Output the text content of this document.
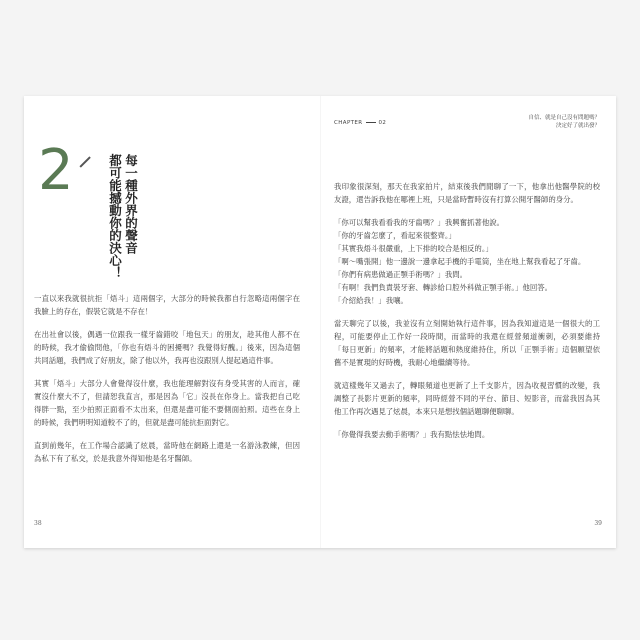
2	每一種外界的聲音
都可能撼動你的決心！

一直以來我就很抗拒「焐斗」這兩個字，大部分的時候我都自行忽略這兩個字在我臉上的存在，假裝它就是不存在！

在出社會以後，偶遇一位跟我一樣牙齒錯咬「地包天」的朋友，趁其他人都不在的時候，我才偷偷問他，「你也有焐斗的困擾嗎？我覺得好醜。」後來，因為這個共同話題，我們成了好朋友，除了他以外，我再也沒跟別人提起過這件事。

其實「焐斗」大部分人會覺得沒什麼，我也能理解對沒有身受其害的人而言，確實沒什麼大不了，但請恕我直言，那是因為「它」沒長在你身上。當我把自己吃得胖一點，至少拍照正面看不太出來，但還是盡可能不要側面拍照。這些在身上的時候，我們明明知道較不了的，但就是盡可能抗拒面對它。

直到前幾年，在工作場合認識了炫晨，當時他在網路上還是一名游泳教練，但因為私下有了私交，於是我意外得知他是名牙醫師。

38
CHAPTER	02
自信、就是自己沒有問題嗎？
決定好了就出發？

我印象很深刻，那天在我家拍片，結束後我們閒聊了一下，他拿出他醫學院的校友證，還告訴我他在哪裡上班，只是當時暫時沒有打算公開牙醫師的身分。

「你可以幫我看看我的牙齒嗎？」我興奮抓著他說。

「你的牙齒怎麼了，看起來很整齊。」

「其實我焐斗很嚴重，上下排的咬合是相反的。」

「啊～嘴張開」他一邊說一邊拿起手機的手電筒，坐在地上幫我看起了牙齒。

「你們有病患做過正顎手術嗎？」我問。

「有啊！我們負責裝牙套、轉診給口腔外科做正顎手術。」他回答。

「介紹給我！」我嚷。

當天聊完了以後，我並沒有立刻開始執行這件事，因為我知道這是一個很大的工程，可能要停止工作好一段時間，而當時的我還在經營頻道衝刺，必須要維持「每日更新」的頻率，才能將話題和熱度維持住，所以「正顎手術」這個願望依舊不是實現的好時機，我耐心地繼續等待。

就這樣幾年又過去了，轉眼頻道也更新了上千支影片，因為收視習慣的改變，我調整了長影片更新的頻率，同時經營不同的平台、節目、短影音，而當我因為其他工作再次遇見了炫晨，本來只是想找個話題聊便聊聊。

「你覺得我要去動手術嗎？」我有點怯怯地問。

39
